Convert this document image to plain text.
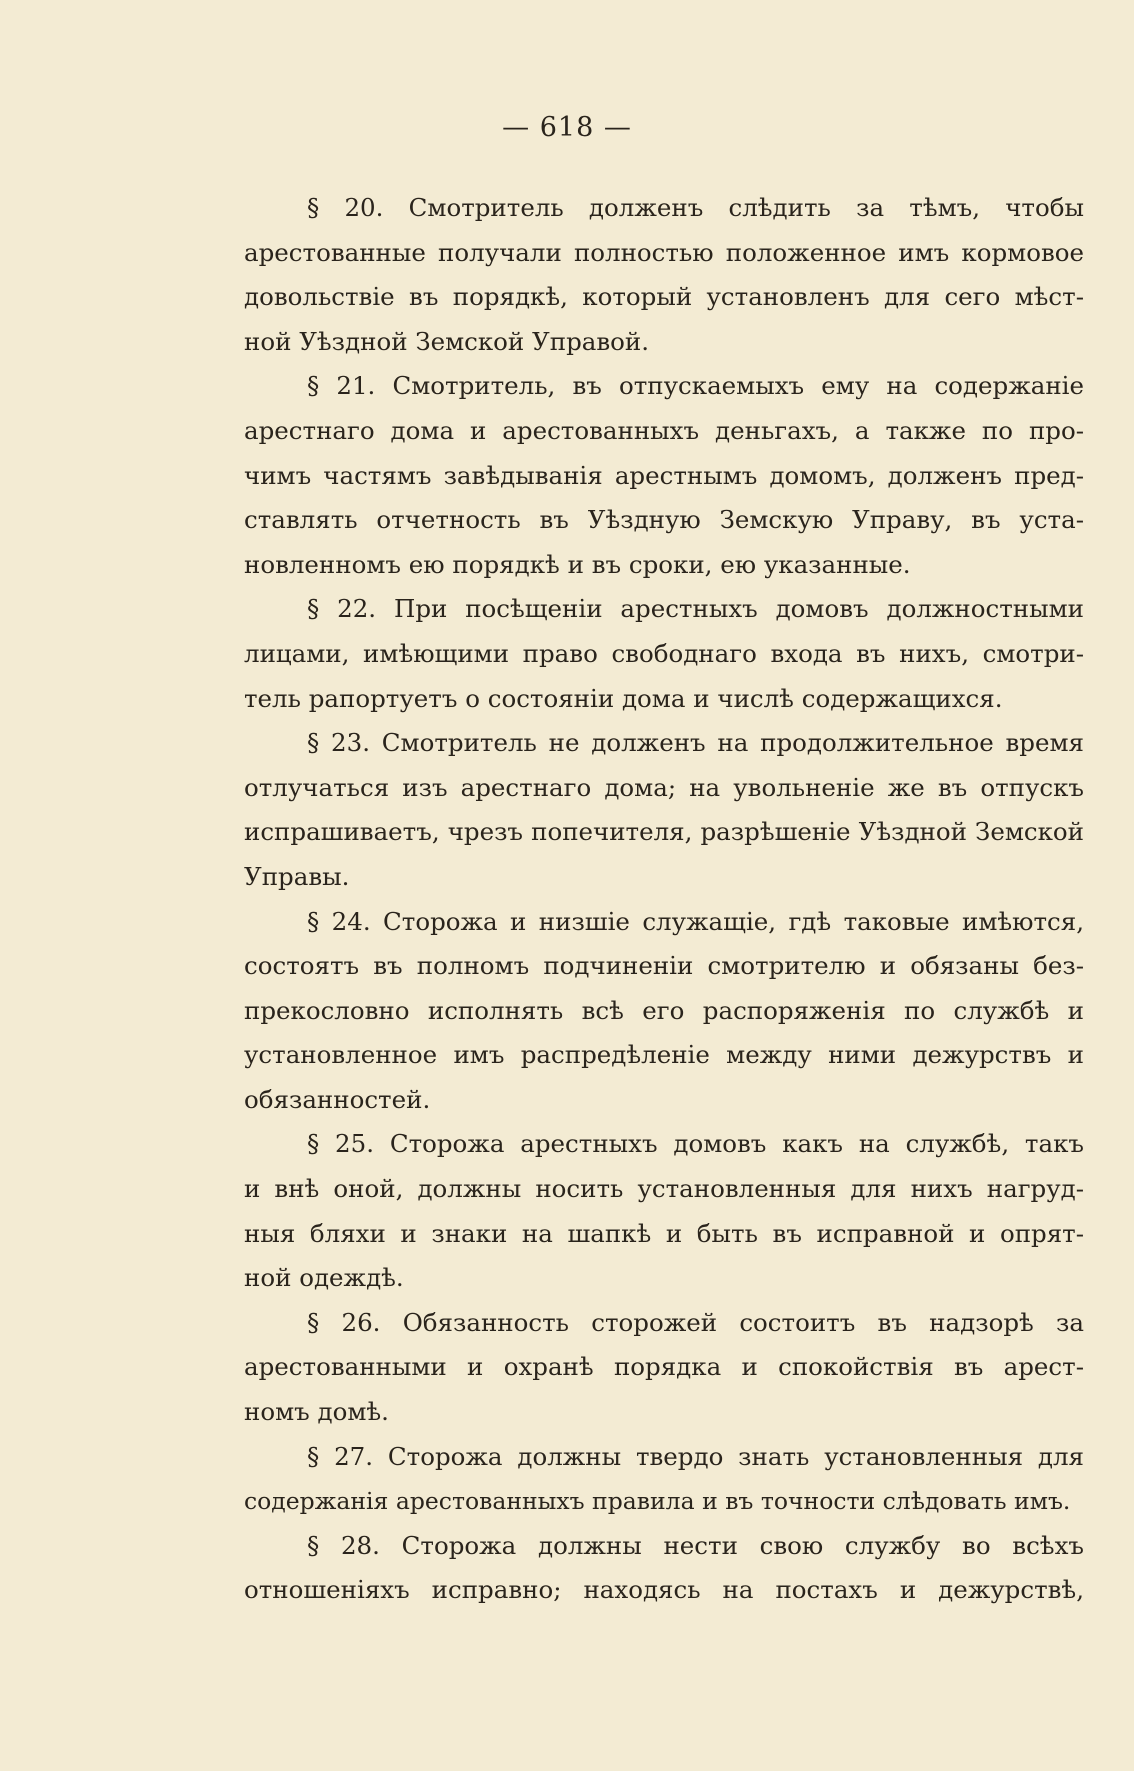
— 618 —
§ 20. Смотритель долженъ слѣдить за тѣмъ, чтобы
арестованные получали полностью положенное имъ кормовое
довольствіе въ порядкѣ, который установленъ для сего мѣст-
ной Уѣздной Земской Управой.
§ 21. Смотритель, въ отпускаемыхъ ему на содержаніе
арестнаго дома и арестованныхъ деньгахъ, а также по про-
чимъ частямъ завѣдыванія арестнымъ домомъ, долженъ пред-
ставлять отчетность въ Уѣздную Земскую Управу, въ уста-
новленномъ ею порядкѣ и въ сроки, ею указанные.
§ 22. При посѣщеніи арестныхъ домовъ должностными
лицами, имѣющими право свободнаго входа въ нихъ, смотри-
тель рапортуетъ о состояніи дома и числѣ содержащихся.
§ 23. Смотритель не долженъ на продолжительное время
отлучаться изъ арестнаго дома; на увольненіе же въ отпускъ
испрашиваетъ, чрезъ попечителя, разрѣшеніе Уѣздной Земской
Управы.
§ 24. Сторожа и низшіе служащіе, гдѣ таковые имѣются,
состоятъ въ полномъ подчиненіи смотрителю и обязаны без-
прекословно исполнять всѣ его распоряженія по службѣ и
установленное имъ распредѣленіе между ними дежурствъ и
обязанностей.
§ 25. Сторожа арестныхъ домовъ какъ на службѣ, такъ
и внѣ оной, должны носить установленныя для нихъ нагруд-
ныя бляхи и знаки на шапкѣ и быть въ исправной и опрят-
ной одеждѣ.
§ 26. Обязанность сторожей состоитъ въ надзорѣ за
арестованными и охранѣ порядка и спокойствія въ арест-
номъ домѣ.
§ 27. Сторожа должны твердо знать установленныя для
содержанія арестованныхъ правила и въ точности слѣдовать имъ.
§ 28. Сторожа должны нести свою службу во всѣхъ
отношеніяхъ исправно; находясь на постахъ и дежурствѣ,
